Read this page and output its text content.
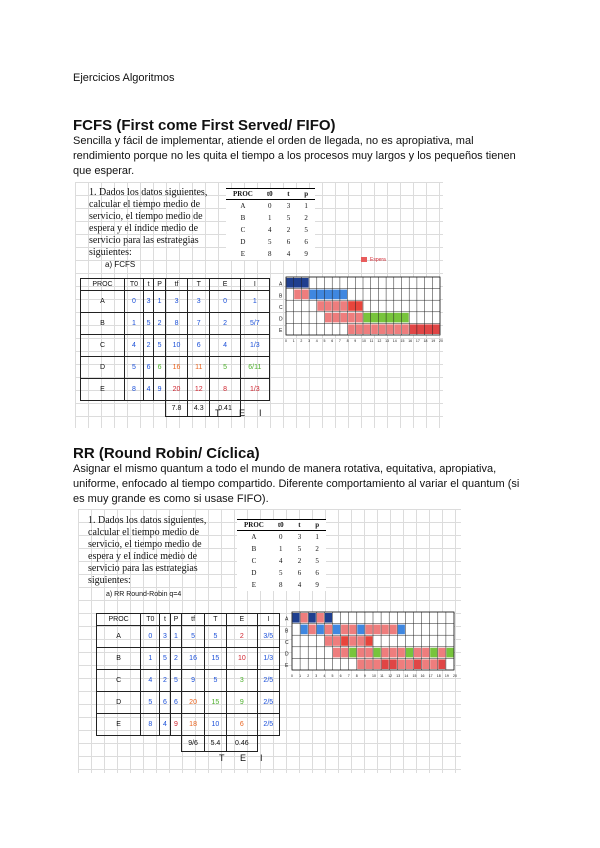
Ejercicios Algoritmos
FCFS (First come First Served/ FIFO)
Sencilla y fácil de implementar, atiende el orden de llegada, no es apropiativa, mal rendimiento porque no les quita el tiempo a los procesos muy largos y los pequeños tienen que esperar.
1. Dados los datos siguientes, calcular el tiempo medio de servicio, el tiempo medio de espera y el índice medio de servicio para las estrategias siguientes:
PROC	t0	t	p
A	0	3	1
B	1	5	2
C	4	2	5
D	5	6	6
E	8	4	9
a) FCFS	Espera
PROC	T0	t	P	tf	T	E	I
A	0	3	1	3	3	0	1
B	1	5	2	8	7	2	5/7
C	4	2	5	10	6	4	1/3
D	5	6	6	16	11	5	6/11
E	8	4	9	20	12	8	1/3
				7.8	4.3	0.41	
T E I
A
B
C
D
E
0 1 2 3 4 5 6 7 8 9 10 11 12 13 14 15 16 17 18 19 20
RR (Round Robin/ Cíclica)
Asignar el mismo quantum a todo el mundo de manera rotativa, equitativa, apropiativa, uniforme, enfocado al tiempo compartido. Diferente comportamiento al variar el quantum (si es muy grande es como si usase FIFO).
1. Dados los datos siguientes, calcular el tiempo medio de servicio, el tiempo medio de espera y el índice medio de servicio para las estrategias siguientes:
PROC	t0	t	p
A	0	3	1
B	1	5	2
C	4	2	5
D	5	6	6
E	8	4	9
a) RR Round-Robin q=4
PROC	T0	t	P	tf	T	E	I
A	0	3	1	5	5	2	3/5
B	1	5	2	16	15	10	1/3
C	4	2	5	9	5	3	2/5
D	5	6	6	20	15	9	2/5
E	8	4	9	18	10	6	2/5
				9/6	5.4	0.46	
T E I
A
B
C
D
E
0 1 2 3 4 5 6 7 8 9 10 11 12 13 14 15 16 17 18 19 20
